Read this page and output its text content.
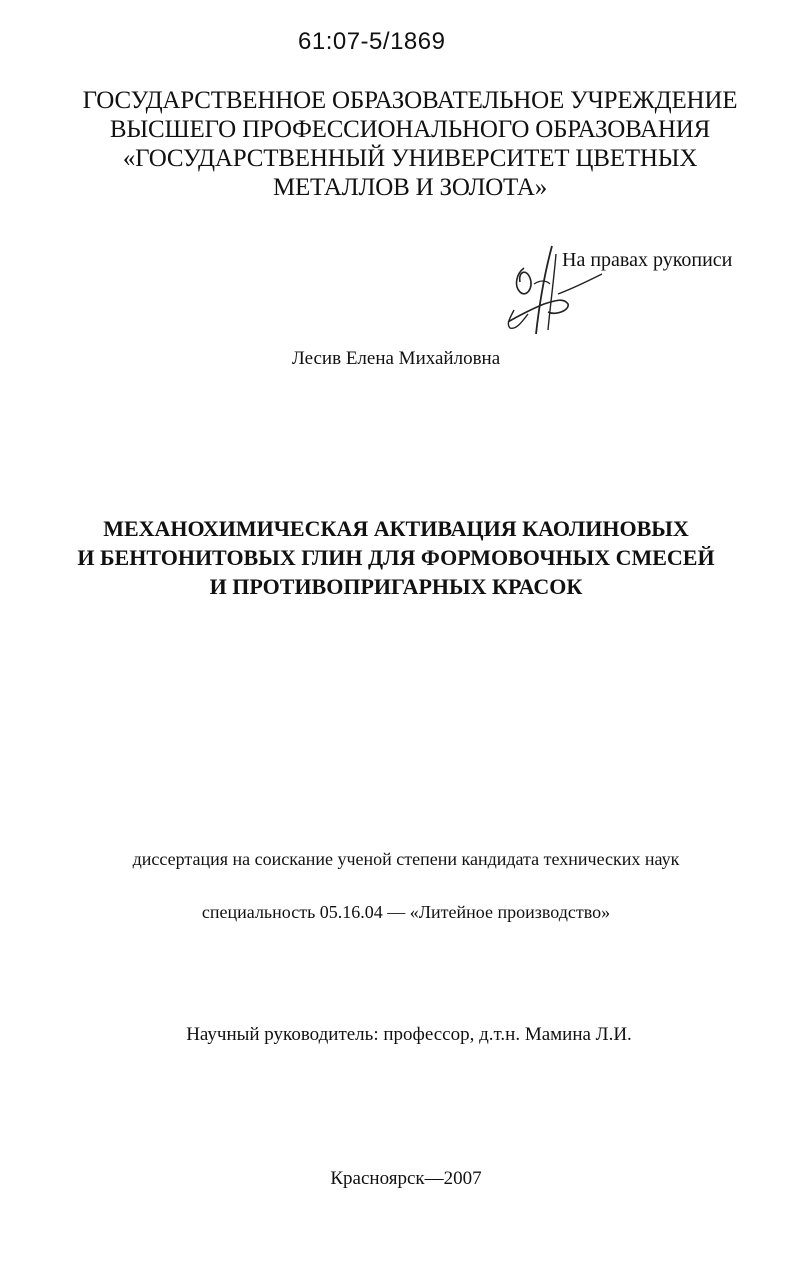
61:07-5/1869
ГОСУДАРСТВЕННОЕ ОБРАЗОВАТЕЛЬНОЕ УЧРЕЖДЕНИЕ
ВЫСШЕГО ПРОФЕССИОНАЛЬНОГО ОБРАЗОВАНИЯ
«ГОСУДАРСТВЕННЫЙ УНИВЕРСИТЕТ ЦВЕТНЫХ
МЕТАЛЛОВ И ЗОЛОТА»
На правах рукописи
Лесив Елена Михайловна
МЕХАНОХИМИЧЕСКАЯ АКТИВАЦИЯ КАОЛИНОВЫХ
И БЕНТОНИТОВЫХ ГЛИН ДЛЯ ФОРМОВОЧНЫХ СМЕСЕЙ
И ПРОТИВОПРИГАРНЫХ КРАСОК
диссертация на соискание ученой степени кандидата технических наук
специальность 05.16.04 — «Литейное производство»
Научный руководитель: профессор, д.т.н. Мамина Л.И.
Красноярск—2007
